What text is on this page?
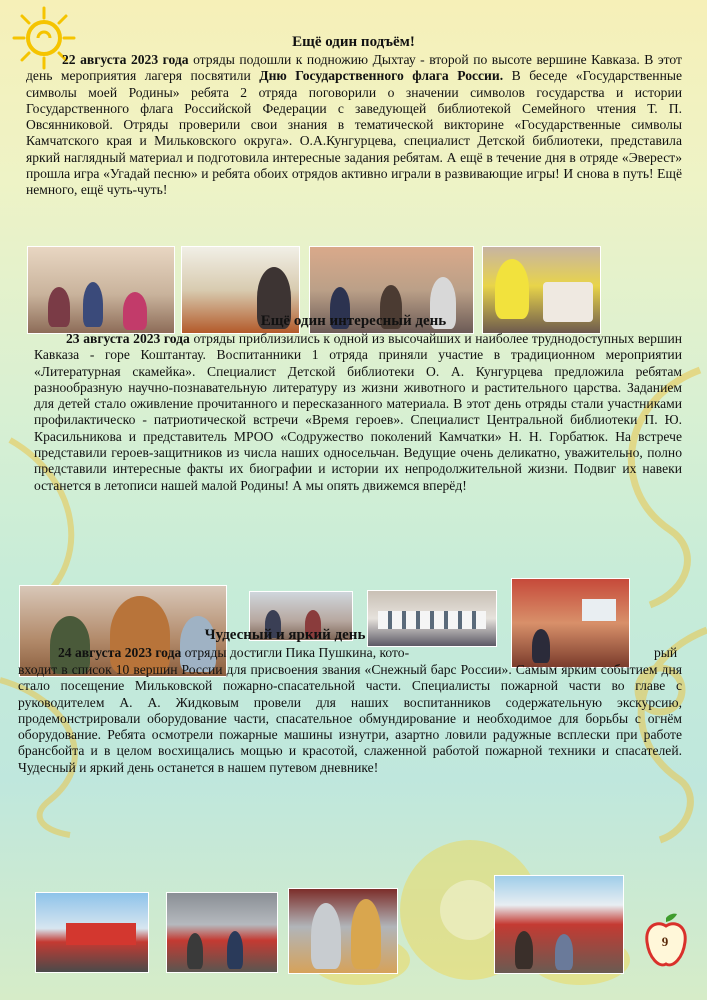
Ещё один подъём!
22 августа 2023 года отряды подошли к подножию Дыхтау - второй по высоте вершине Кавказа. В этот день мероприятия лагеря посвятили Дню Государственного флага России. В беседе «Государственные символы моей Родины» ребята 2 отряда поговорили о значении символов государства и истории Государственного флага Российской Федерации с заведующей библиотекой Семейного чтения Т. П. Овсянниковой. Отряды проверили свои знания в тематической викторине «Государственные символы Камчатского края и Мильковского округа». О.А.Кунгурцева, специалист Детской библиотеки, представила яркий наглядный материал и подготовила интересные задания ребятам. А ещё в течение дня в отряде «Эверест» прошла игра «Угадай песню» и ребята обоих отрядов активно играли в развивающие игры! И снова в путь! Ещё немного, ещё чуть-чуть!
Ещё один интересный день
23 августа 2023 года отряды приблизились к одной из высочайших и наиболее труднодоступных вершин Кавказа - горе Коштантау. Воспитанники 1 отряда приняли участие в традиционном мероприятии «Литературная скамейка». Специалист Детской библиотеки О. А. Кунгурцева предложила ребятам разнообразную научно-познавательную литературу из жизни животного и растительного царства. Заданием для детей стало оживление прочитанного и пересказанного материала. В этот день отряды стали участниками профилактическо - патриотической встречи «Время героев». Специалист Центральной библиотеки П. Ю. Красильникова и представитель МРОО «Содружество поколений Камчатки» Н. Н. Горбатюк. На встрече представили героев-защитников из числа наших односельчан. Ведущие очень деликатно, уважительно, полно представили интересные факты их биографии и истории их непродолжительной жизни. Подвиг их навеки останется в летописи нашей малой Родины! А мы опять движемся вперёд!
Чудесный и яркий день
24 августа 2023 года отряды достигли Пика Пушкина, кото-	рый
входит в список 10 вершин России для присвоения звания «Снежный барс России». Самым ярким событием дня стало посещение Мильковской пожарно-спасательной части. Специалисты пожарной части во главе с руководителем А. А. Жидковым провели для наших воспитанников содержательную экскурсию, продемонстрировали оборудование части, спасательное обмундирование и необходимое для борьбы с огнём оборудование. Ребята осмотрели пожарные машины изнутри, азартно ловили радужные всплески при работе брансбойта и в целом восхищались мощью и красотой, слаженной работой пожарной техники и спасателей. Чудесный и яркий день останется в нашем путевом дневнике!
9
